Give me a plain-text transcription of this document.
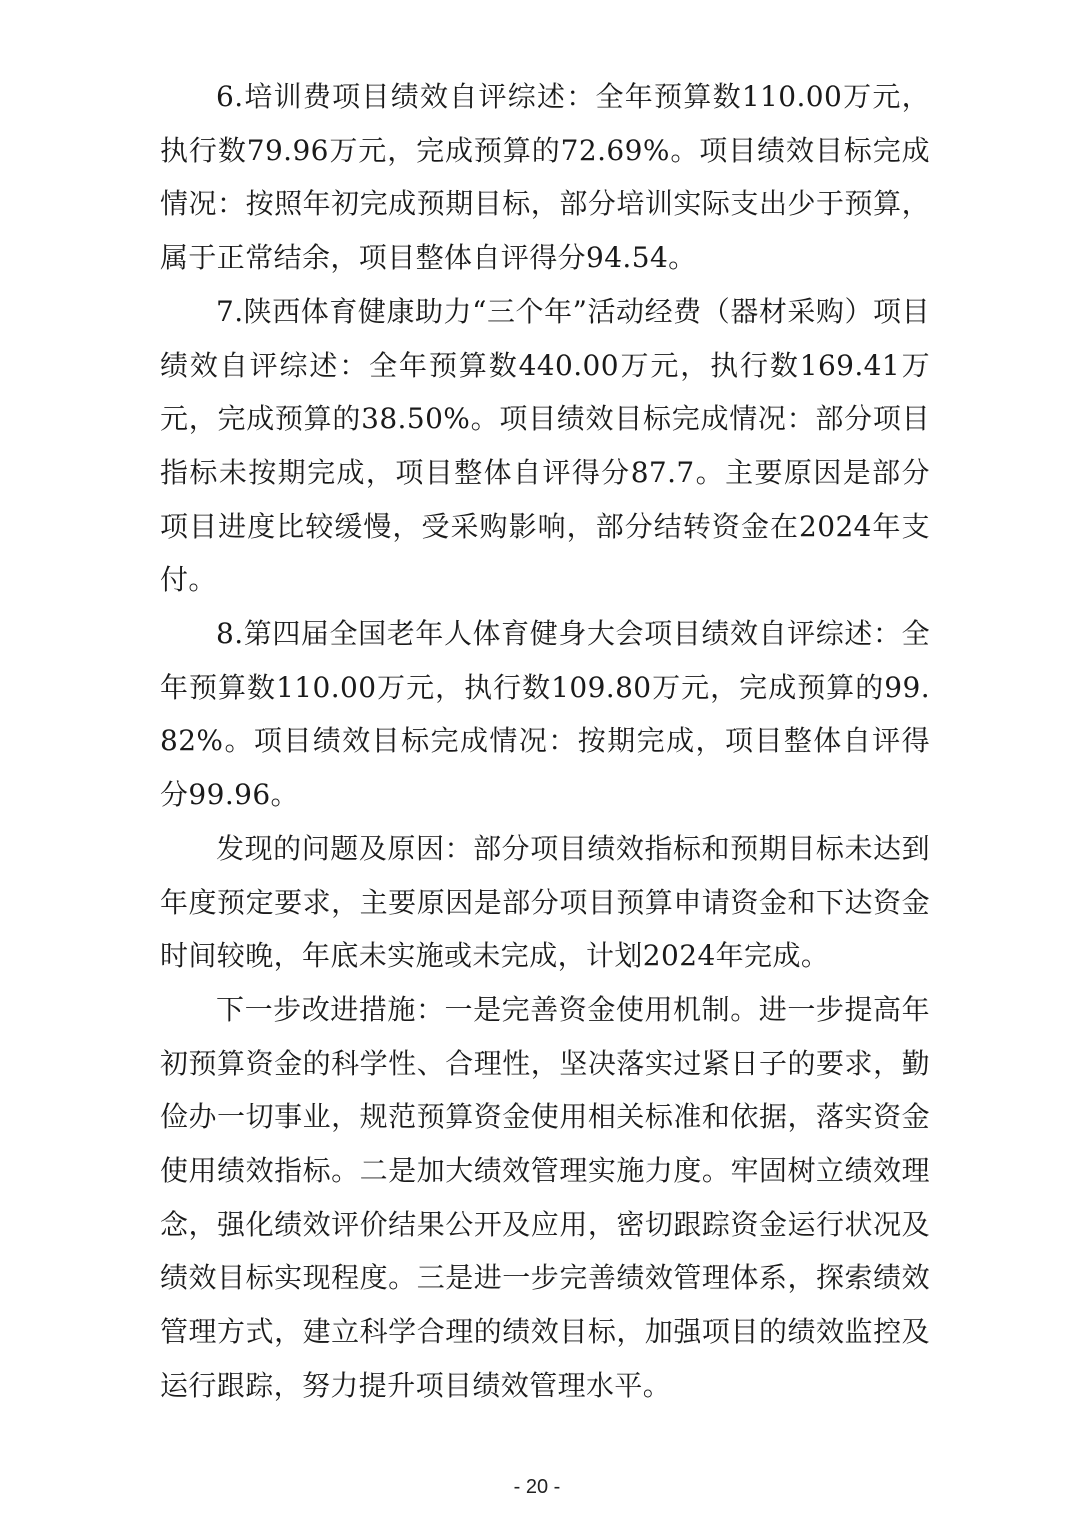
6.培训费项目绩效自评综述：全年预算数110.00万元，执行数79.96万元，完成预算的72.69%。项目绩效目标完成情况：按照年初完成预期目标，部分培训实际支出少于预算，属于正常结余，项目整体自评得分94.54。

7.陕西体育健康助力“三个年”活动经费（器材采购）项目绩效自评综述：全年预算数440.00万元，执行数169.41万元，完成预算的38.50%。项目绩效目标完成情况：部分项目指标未按期完成，项目整体自评得分87.7。主要原因是部分项目进度比较缓慢，受采购影响，部分结转资金在2024年支付。

8.第四届全国老年人体育健身大会项目绩效自评综述：全年预算数110.00万元，执行数109.80万元，完成预算的99.82%。项目绩效目标完成情况：按期完成，项目整体自评得分99.96。

发现的问题及原因：部分项目绩效指标和预期目标未达到年度预定要求，主要原因是部分项目预算申请资金和下达资金时间较晚，年底未实施或未完成，计划2024年完成。

下一步改进措施：一是完善资金使用机制。进一步提高年初预算资金的科学性、合理性，坚决落实过紧日子的要求，勤俭办一切事业，规范预算资金使用相关标准和依据，落实资金使用绩效指标。二是加大绩效管理实施力度。牢固树立绩效理念，强化绩效评价结果公开及应用，密切跟踪资金运行状况及绩效目标实现程度。三是进一步完善绩效管理体系，探索绩效管理方式，建立科学合理的绩效目标，加强项目的绩效监控及运行跟踪，努力提升项目绩效管理水平。

- 20 -
